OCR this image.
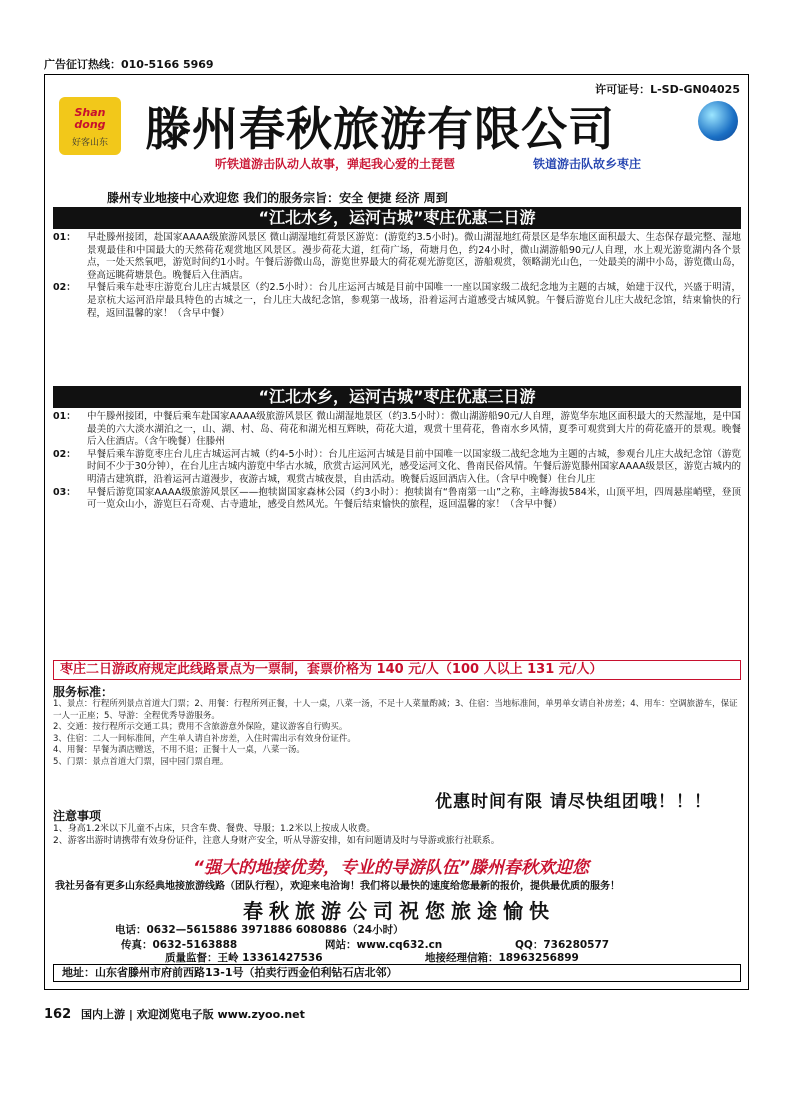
广告征订热线：010-5166 5969
许可证号：L-SD-GN04025
Shan dong
好客山东 滕州春秋旅游有限公司
听铁道游击队动人故事，弹起我心爱的土琵琶	铁道游击队故乡枣庄
滕州专业地接中心欢迎您 我们的服务宗旨：安全 便捷 经济 周到
“江北水乡，运河古城”枣庄优惠二日游
01：	早赴滕州接团，赴国家AAAA级旅游风景区 微山湖湿地红荷景区游览：(游览约3.5小时)。微山湖湿地红荷景区是华东地区面积最大、生态保存最完整、湿地景观最佳和中国最大的天然荷花观赏地区风景区。漫步荷花大道，红荷广场，荷塘月色，约24小时，微山湖游船90元/人自理，水上观光游览湖内各个景点，一处天然氧吧，游览时间约1小时。午餐后游微山岛，游览世界最大的荷花观光游览区，游船观赏，领略湖光山色，一处最美的湖中小岛，游览微山岛，登高远眺荷塘景色。晚餐后入住酒店。
02：	早餐后乘车赴枣庄游览台儿庄古城景区（约2.5小时）：台儿庄运河古城是目前中国唯一一座以国家级二战纪念地为主题的古城，始建于汉代，兴盛于明清，是京杭大运河沿岸最具特色的古城之一，台儿庄大战纪念馆，参观第一战场，沿着运河古道感受古城风貌。午餐后游览台儿庄大战纪念馆，结束愉快的行程，返回温馨的家！（含早中餐）
“江北水乡，运河古城”枣庄优惠三日游
01：	中午滕州接团，中餐后乘车赴国家AAAA级旅游风景区 微山湖湿地景区（约3.5小时）：微山湖游船90元/人自理，游览华东地区面积最大的天然湿地，是中国最美的六大淡水湖泊之一，山、湖、村、岛、荷花和湖光相互辉映，荷花大道，观赏十里荷花，鲁南水乡风情，夏季可观赏到大片的荷花盛开的景观。晚餐后入住酒店。（含午晚餐）住滕州
02：	早餐后乘车游览枣庄台儿庄古城运河古城（约4-5小时）：台儿庄运河古城是目前中国唯一以国家级二战纪念地为主题的古城，参观台儿庄大战纪念馆（游览时间不少于30分钟），在台儿庄古城内游览中华古水城，欣赏古运河风光，感受运河文化、鲁南民俗风情。午餐后游览滕州国家AAAA级景区，游览古城内的明清古建筑群，沿着运河古道漫步，夜游古城，观赏古城夜景，自由活动。晚餐后返回酒店入住。（含早中晚餐）住台儿庄
03：	早餐后游览国家AAAA级旅游风景区——抱犊崮国家森林公园（约3小时）：抱犊崮有“鲁南第一山”之称，主峰海拔584米，山顶平坦，四周悬崖峭壁，登顶可一览众山小，游览巨石奇观、古寺遗址，感受自然风光。午餐后结束愉快的旅程，返回温馨的家！（含早中餐）
枣庄二日游政府规定此线路景点为一票制，套票价格为 140 元/人（100 人以上 131 元/人）
服务标准：
1、景点：行程所列景点首道大门票；2、用餐：行程所列正餐，十人一桌，八菜一汤，不足十人菜量酌减；3、住宿：当地标准间，单男单女请自补房差；4、用车：空调旅游车，保证一人一正座；5、导游：全程优秀导游服务。
2、交通：按行程所示交通工具；费用不含旅游意外保险，建议游客自行购买。
3、住宿：二人一间标准间，产生单人请自补房差，入住时需出示有效身份证件。
4、用餐：早餐为酒店赠送，不用不退；正餐十人一桌，八菜一汤。
5、门票：景点首道大门票，园中园门票自理。
优惠时间有限 请尽快组团哦！！！
注意事项
1、身高1.2米以下儿童不占床，只含车费、餐费、导服；1.2米以上按成人收费。
2、游客出游时请携带有效身份证件，注意人身财产安全，听从导游安排，如有问题请及时与导游或旅行社联系。
“强大的地接优势，专业的导游队伍”滕州春秋欢迎您
我社另备有更多山东经典地接旅游线路（团队行程），欢迎来电洽询！我们将以最快的速度给您最新的报价，提供最优质的服务！
春秋旅游公司祝您旅途愉快
电话：0632—5615886 3971886 6080886（24小时）
传真：0632-5163888	网站：www.cq632.cn	QQ：736280577
质量监督：王岭 13361427536	地接经理信箱：18963256899
地址：山东省滕州市府前西路13-1号（拍卖行西金伯利钻石店北邻）
162 国内上游 | 欢迎浏览电子版 www.zyoo.net
